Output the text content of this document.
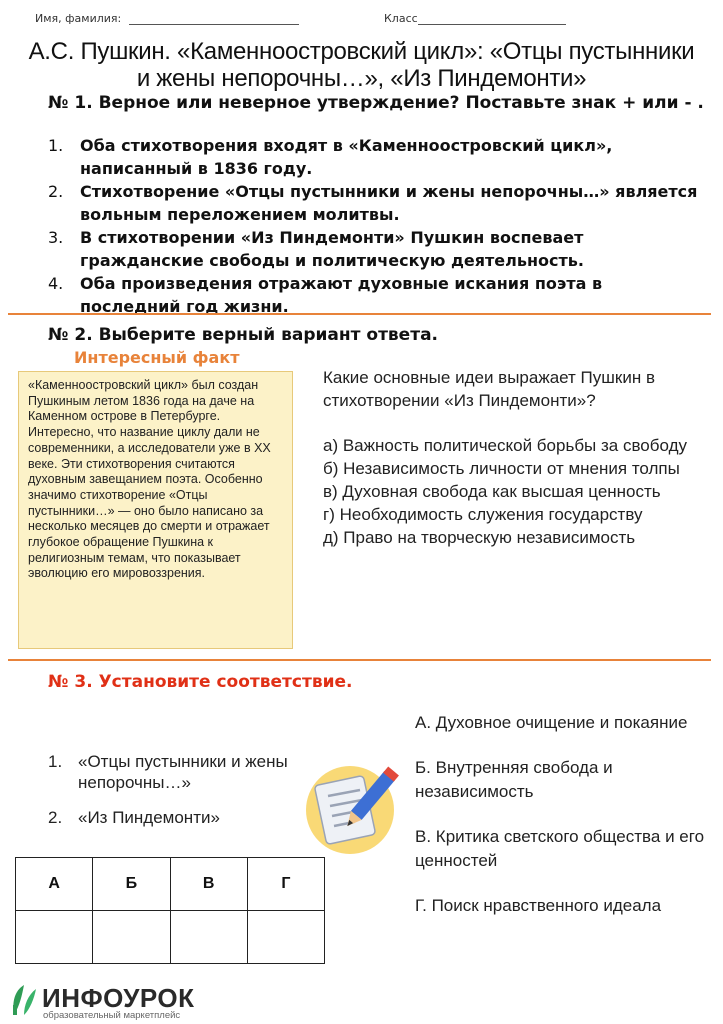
Имя, фамилия:	Класс
А.С. Пушкин. «Каменноостровский цикл»: «Отцы пустынники
и жены непорочны…», «Из Пиндемонти»
№ 1. Верное или неверное утверждение? Поставьте знак + или - .
1. Оба стихотворения входят в «Каменноостровский цикл», написанный в 1836 году.
2. Стихотворение «Отцы пустынники и жены непорочны…» является вольным переложением молитвы.
3. В стихотворении «Из Пиндемонти» Пушкин воспевает гражданские свободы и политическую деятельность.
4. Оба произведения отражают духовные искания поэта в последний год жизни.
№ 2. Выберите верный вариант ответа.
Интересный факт
«Каменноостровский цикл» был создан Пушкиным летом 1836 года на даче на Каменном острове в Петербурге. Интересно, что название циклу дали не современники, а исследователи уже в XX веке. Эти стихотворения считаются духовным завещанием поэта. Особенно значимо стихотворение «Отцы пустынники…» — оно было написано за несколько месяцев до смерти и отражает глубокое обращение Пушкина к религиозным темам, что показывает эволюцию его мировоззрения.

Какие основные идеи выражает Пушкин в стихотворении «Из Пиндемонти»?

а) Важность политической борьбы за свободу

б) Независимость личности от мнения толпы

в) Духовная свобода как высшая ценность

г) Необходимость служения государству

д) Право на творческую независимость

№ 3. Установите соответствие.
1. «Отцы пустынники и жены непорочны…»
2. «Из Пиндемонти»
А. Духовное очищение и покаяние
Б. Внутренняя свобода и независимость
В. Критика светского общества и его ценностей
Г. Поиск нравственного идеала
А	Б	В	Г

ИНФОУРОК
образовательный маркетплейс
